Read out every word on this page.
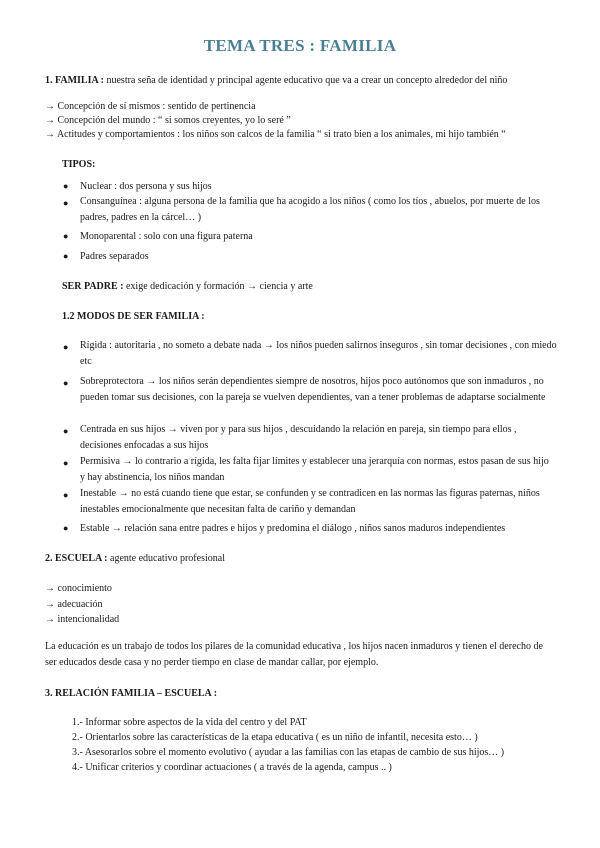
TEMA TRES : FAMILIA
1. FAMILIA : nuestra seña de identidad y principal agente educativo que va a crear un concepto alrededor del niño
→ Concepción de sí mismos : sentido de pertinencia
→ Concepción del mundo : “ si somos creyentes, yo lo seré ”
→ Actitudes y comportamientos : los niños son calcos de la familia “ si trato bien a los animales, mi hijo también “
TIPOS:
● Nuclear : dos persona y sus hijos
● Consanguínea : alguna persona de la familia que ha acogido a los niños ( como los tíos , abuelos, por muerte de los padres, padres en la cárcel… )
● Monoparental : solo con una figura paterna
● Padres separados
SER PADRE : exige dedicación y formación → ciencia y arte
1.2 MODOS DE SER FAMILIA :
● Rígida : autoritaria , no someto a debate nada → los niños pueden salirnos inseguros , sin tomar decisiones , con miedo etc
● Sobreprotectora → los niños serán dependientes siempre de nosotros, hijos poco autónomos que son inmaduros , no pueden tomar sus decisiones, con la pareja se vuelven dependientes, van a tener problemas de adaptarse socialmente
● Centrada en sus hijos → viven por y para sus hijos , descuidando la relación en pareja, sin tiempo para ellos , decisiones enfocadas a sus hijos
● Permisiva → lo contrario a rígida, les falta fijar límites y establecer una jerarquía con normas, estos pasan de sus hijo y hay abstinencia, los niños mandan
● Inestable → no está cuando tiene que estar, se confunden y se contradicen en las normas las figuras paternas, niños inestables emocionalmente que necesitan falta de cariño y demandan
● Estable → relación sana entre padres e hijos y predomina el diálogo , niños sanos maduros independientes
2. ESCUELA : agente educativo profesional
→ conocimiento
→ adecuación
→ intencionalidad
La educación es un trabajo de todos los pilares de la comunidad educativa , los hijos nacen inmaduros y tienen el derecho de ser educados desde casa y no perder tiempo en clase de mandar callar, por ejemplo.
3. RELACIÓN FAMILIA – ESCUELA :
1.- Informar sobre aspectos de la vida del centro y del PAT
2.- Orientarlos sobre las características de la etapa educativa ( es un niño de infantil, necesita esto… )
3.- Asesorarlos sobre el momento evolutivo ( ayudar a las familias con las etapas de cambio de sus hijos… )
4.- Unificar criterios y coordinar actuaciones ( a través de la agenda, campus .. )
